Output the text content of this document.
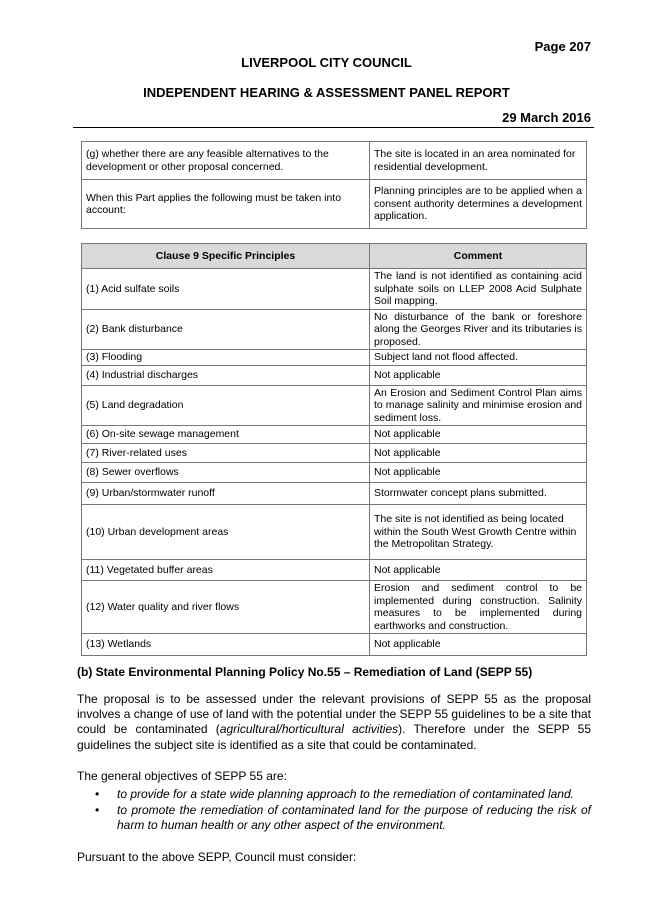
Page 207
LIVERPOOL CITY COUNCIL
INDEPENDENT HEARING & ASSESSMENT PANEL REPORT
29 March 2016
(g) whether there are any feasible alternatives to the development or other proposal concerned.	The site is located in an area nominated for residential development.
When this Part applies the following must be taken into account:	Planning principles are to be applied when a consent authority determines a development application.
Clause 9 Specific Principles	Comment
(1) Acid sulfate soils	The land is not identified as containing acid sulphate soils on LLEP 2008 Acid Sulphate Soil mapping.
(2) Bank disturbance	No disturbance of the bank or foreshore along the Georges River and its tributaries is proposed.
(3) Flooding	Subject land not flood affected.
(4) Industrial discharges	Not applicable
(5) Land degradation	An Erosion and Sediment Control Plan aims to manage salinity and minimise erosion and sediment loss.
(6) On-site sewage management	Not applicable
(7) River-related uses	Not applicable
(8) Sewer overflows	Not applicable
(9) Urban/stormwater runoff	Stormwater concept plans submitted.
(10) Urban development areas	The site is not identified as being located within the South West Growth Centre within the Metropolitan Strategy.
(11) Vegetated buffer areas	Not applicable
(12) Water quality and river flows	Erosion and sediment control to be implemented during construction. Salinity measures to be implemented during earthworks and construction.
(13) Wetlands	Not applicable
(b) State Environmental Planning Policy No.55 – Remediation of Land (SEPP 55)
The proposal is to be assessed under the relevant provisions of SEPP 55 as the proposal involves a change of use of land with the potential under the SEPP 55 guidelines to be a site that could be contaminated (agricultural/horticultural activities). Therefore under the SEPP 55 guidelines the subject site is identified as a site that could be contaminated.
The general objectives of SEPP 55 are:
• to provide for a state wide planning approach to the remediation of contaminated land.
• to promote the remediation of contaminated land for the purpose of reducing the risk of harm to human health or any other aspect of the environment.
Pursuant to the above SEPP, Council must consider:
